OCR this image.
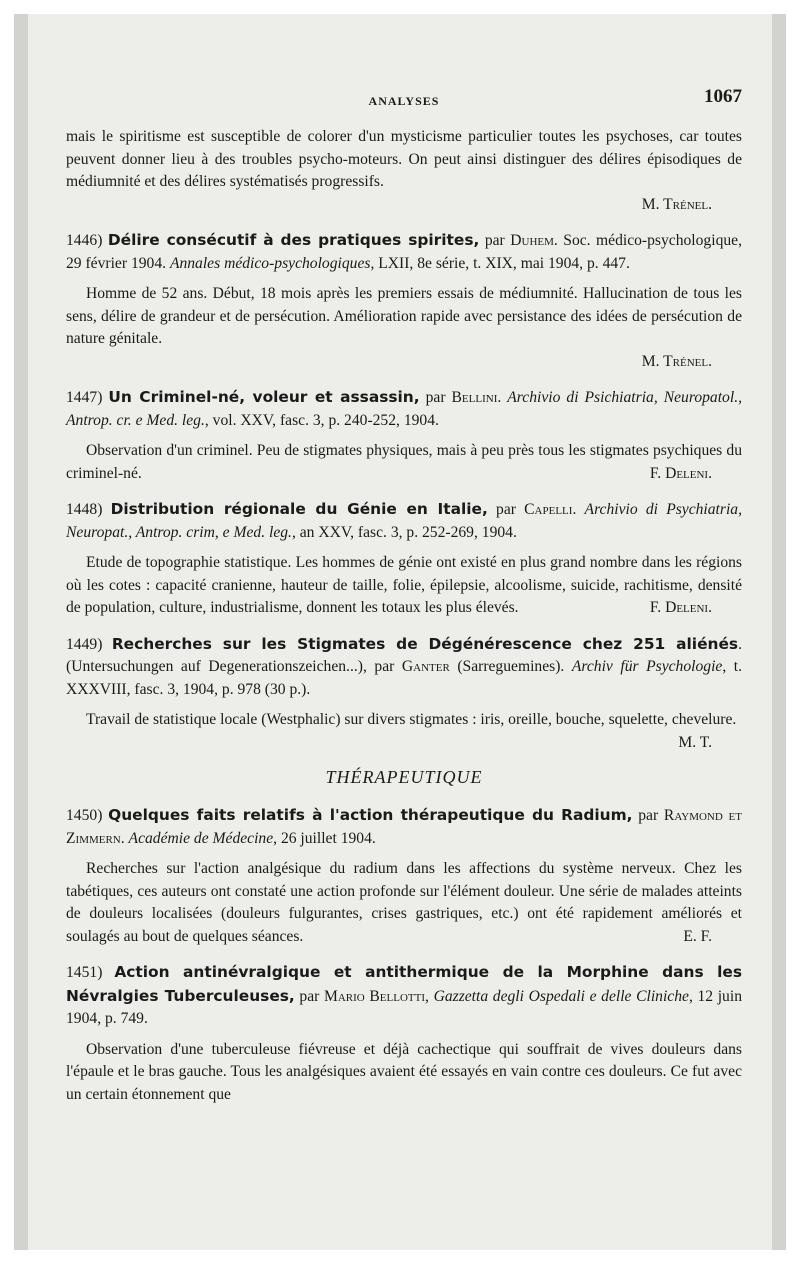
ANALYSES	1067

mais le spiritisme est susceptible de colorer d'un mysticisme particulier toutes les psychoses, car toutes peuvent donner lieu à des troubles psycho-moteurs. On peut ainsi distinguer des délires épisodiques de médiumnité et des délires systématisés progressifs.

M. Trénel.

1446) Délire consécutif à des pratiques spirites, par Duhem. Soc. médico-psychologique, 29 février 1904. Annales médico-psychologiques, LXII, 8e série, t. XIX, mai 1904, p. 447.

Homme de 52 ans. Début, 18 mois après les premiers essais de médiumnité. Hallucination de tous les sens, délire de grandeur et de persécution. Amélioration rapide avec persistance des idées de persécution de nature génitale.

M. Trénel.

1447) Un Criminel-né, voleur et assassin, par Bellini. Archivio di Psichiatria, Neuropatol., Antrop. cr. e Med. leg., vol. XXV, fasc. 3, p. 240-252, 1904.

Observation d'un criminel. Peu de stigmates physiques, mais à peu près tous les stigmates psychiques du criminel-né.	F. Deleni.

1448) Distribution régionale du Génie en Italie, par Capelli. Archivio di Psychiatria, Neuropat., Antrop. crim, e Med. leg., an XXV, fasc. 3, p. 252-269, 1904.

Etude de topographie statistique. Les hommes de génie ont existé en plus grand nombre dans les régions où les cotes : capacité cranienne, hauteur de taille, folie, épilepsie, alcoolisme, suicide, rachitisme, densité de population, culture, industrialisme, donnent les totaux les plus élevés.	F. Deleni.

1449) Recherches sur les Stigmates de Dégénérescence chez 251 aliénés. (Untersuchungen auf Degenerationszeichen...), par Ganter (Sarreguemines). Archiv für Psychologie, t. XXXVIII, fasc. 3, 1904, p. 978 (30 p.).

Travail de statistique locale (Westphalic) sur divers stigmates : iris, oreille, bouche, squelette, chevelure.
M. T.

THÉRAPEUTIQUE

1450) Quelques faits relatifs à l'action thérapeutique du Radium, par Raymond et Zimmern. Académie de Médecine, 26 juillet 1904.

Recherches sur l'action analgésique du radium dans les affections du système nerveux. Chez les tabétiques, ces auteurs ont constaté une action profonde sur l'élément douleur. Une série de malades atteints de douleurs localisées (douleurs fulgurantes, crises gastriques, etc.) ont été rapidement améliorés et soulagés au bout de quelques séances.	E. F.

1451) Action antinévralgique et antithermique de la Morphine dans les Névralgies Tuberculeuses, par Mario Bellotti, Gazzetta degli Ospedali e delle Cliniche, 12 juin 1904, p. 749.

Observation d'une tuberculeuse fiévreuse et déjà cachectique qui souffrait de vives douleurs dans l'épaule et le bras gauche. Tous les analgésiques avaient été essayés en vain contre ces douleurs. Ce fut avec un certain étonnement que
